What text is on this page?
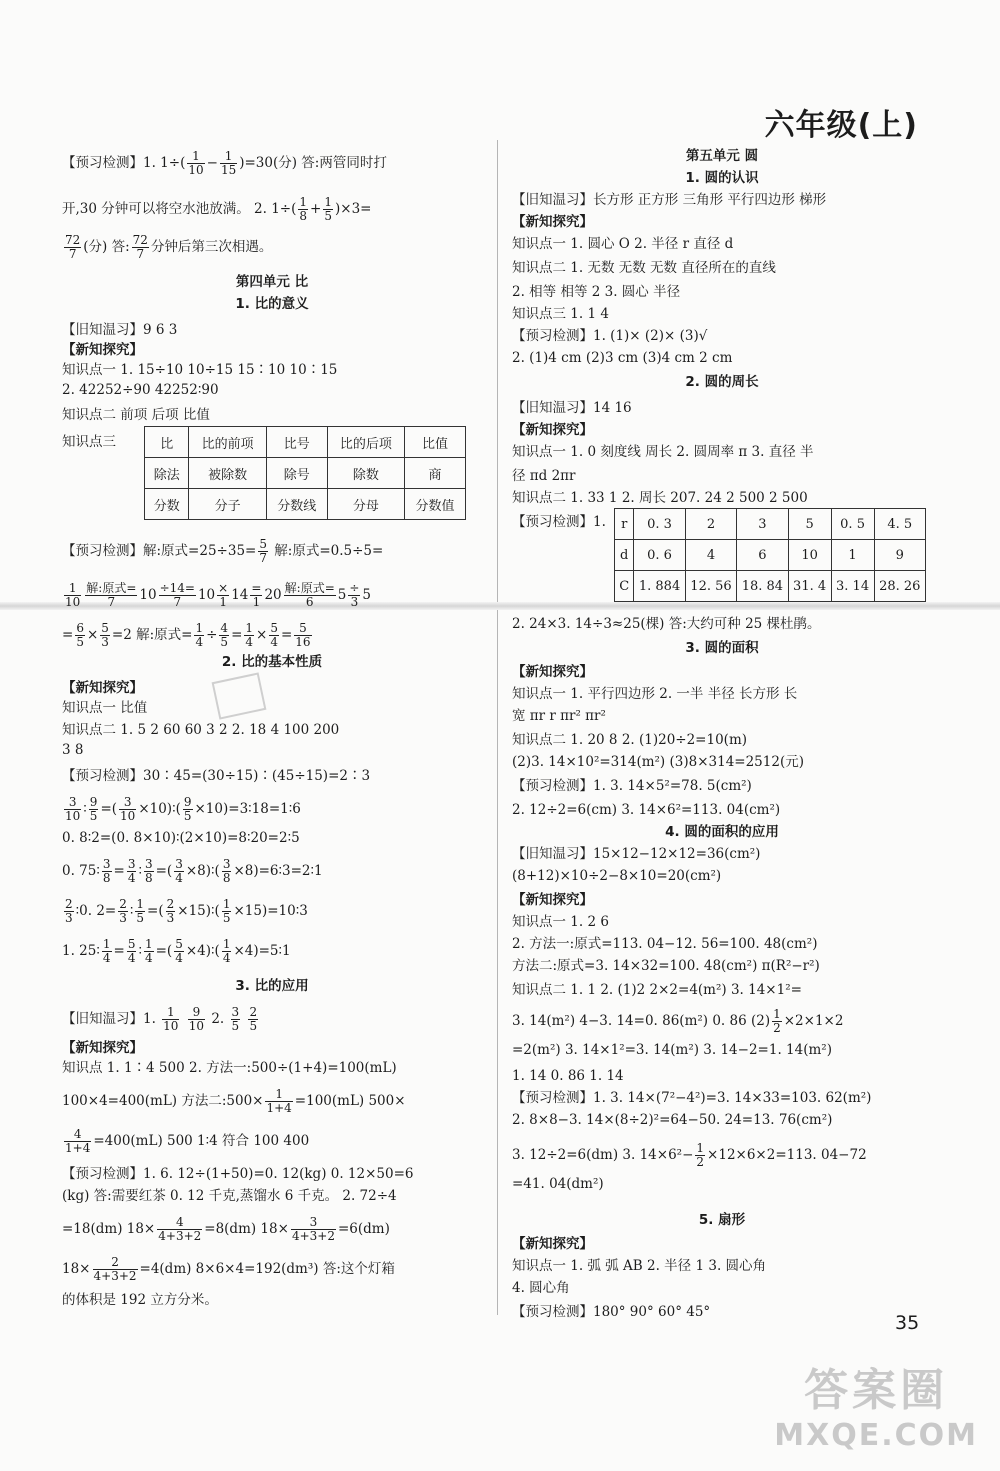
六年级(上)
【预习检测】1. $1\div( \frac{1}{10} - \frac{1}{15} )=30$(分) 答:两管同时打
开,30 分钟可以将空水池放满。 2. $1\div( \frac{1}{8} + \frac{1}{5} )\times 3=$
$\frac{72}{7}$ (分) 答: $\frac{72}{7}$ 分钟后第三次相遇。
第四单元 比
1. 比的意义
【旧知温习】9 6 3
【新知探究】
知识点一 1. 15÷10 10÷15 15∶10 10∶15
2. 42252÷90 42252∶90
知识点二 前项 后项 比值
知识点三	比	比的前项	比号	比的后项	比值
除法	被除数	除号	除数	商
分数	分子	分数线	分母	分数值
【预习检测】解:原式$=25\div 35= \frac{5}{7}$ 解:原式=0.5÷5=
$\frac{1}{10} \frac{\text{解:原式=}}{7} 10 \frac{\div 14=}{7} 10 \frac{\times}{1} 14 \frac{=}{1} 20 \frac{\text{解:原式=}}{6} 5 \frac{\div}{3} 5$
= $\frac{6}{5} \times \frac{5}{3} =2$ 解:原式= $\frac{1}{4} \div \frac{4}{5} = \frac{1}{4} \times \frac{5}{4} = \frac{5}{16}$
2. 比的基本性质
【新知探究】
知识点一 比值
知识点二 1. 5 2 60 60 3 2 2. 18 4 100 200
3 8
【预习检测】30∶45=(30÷15)∶(45÷15)=2∶3
$\frac{3}{10}$ ∶ $\frac{9}{5}$ =( $\frac{3}{10}$ ×10)∶( $\frac{9}{5}$ ×10)=3∶18=1∶6
0. 8∶2=(0. 8×10)∶(2×10)=8∶20=2∶5
0. 75∶ $\frac{3}{8} = \frac{3}{4}$ ∶ $\frac{3}{8}$ =( $\frac{3}{4}$ ×8)∶( $\frac{3}{8}$ ×8)=6∶3=2∶1
$\frac{2}{3}$ ∶0. $2= \frac{2}{3}$ ∶ $\frac{1}{5}$ =( $\frac{2}{3}$ ×15)∶( $\frac{1}{5}$ ×15)=10∶3
1. 25∶ $\frac{1}{4} = \frac{5}{4}$ ∶ $\frac{1}{4}$ =( $\frac{5}{4}$ ×4)∶( $\frac{1}{4}$ ×4)=5∶1
3. 比的应用
【旧知温习】1. $\frac{1}{10}$
$\frac{9}{10} 2$. $\frac{3}{5}$
$\frac{2}{5}$
【新知探究】
知识点 1. 1∶4 500 2. 方法一:500÷(1+4)=100(mL)
100×4=400(mL) 方法二:500× $\frac{1}{1+4} =100(mL)$ 500×
$\frac{4}{1+4} =400(mL)$ 500 1∶4 符合 100 400
【预习检测】1. 6. 12÷(1+50)=0. 12(kg) 0. 12×50=6
(kg) 答:需要红茶 0. 12 千克,蒸馏水 6 千克。 2. 72÷4
=18(dm) $18\times \frac{4}{4+3+2} =8(dm)$ $18\times \frac{3}{4+3+2} =6(dm)$
$18\times \frac{2}{4+3+2} =4(dm)$ 8×6×4=192(dm³) 答:这个灯箱
的体积是 192 立方分米。
第五单元 圆
1. 圆的认识
【旧知温习】长方形 正方形 三角形 平行四边形 梯形
【新知探究】
知识点一 1. 圆心 O 2. 半径 r 直径 d
知识点二 1. 无数 无数 无数 直径所在的直线
2. 相等 相等 2 3. 圆心 半径
知识点三 1. 1 4
【预习检测】1. (1)× (2)× (3)√
2. (1)4 cm (2)3 cm (3)4 cm 2 cm
2. 圆的周长
【旧知温习】14 16
【新知探究】
知识点一 1. 0 刻度线 周长 2. 圆周率 π 3. 直径 半
径 πd 2πr
知识点二 1. 33 1 2. 周长 207. 24 2 500 2 500
【预习检测】1.	r	0. 3	2	3	5	0. 5	4. 5
d	0. 6	4	6	10	1	9
C	1. 884	12. 56	18. 84	31. 4	3. 14	28. 26
2. 24×3. 14÷3≈25(棵) 答:大约可种 25 棵杜鹃。
3. 圆的面积
【新知探究】
知识点一 1. 平行四边形 2. 一半 半径 长方形 长
宽 πr r πr² πr²
知识点二 1. 20 8 2. (1)20÷2=10(m)
(2)3. 14×10²=314(m²) (3)8×314=2512(元)
【预习检测】1. 3. 14×5²=78. 5(cm²)
2. 12÷2=6(cm) 3. 14×6²=113. 04(cm²)
4. 圆的面积的应用
【旧知温习】15×12−12×12=36(cm²)
(8+12)×10÷2−8×10=20(cm²)
【新知探究】
知识点一 1. 2 6
2. 方法一:原式=113. 04−12. 56=100. 48(cm²)
方法二:原式=3. 14×32=100. 48(cm²) π(R²−r²)
知识点二 1. 1 2. (1)2 2×2=4(m²) 3. 14×1²=
3. 14(m²) 4−3. 14=0. 86(m²) 0. 86 $(2) \frac{1}{2} \times 2\times 1\times 2$
=2(m²) 3. 14×1²=3. 14(m²) 3. 14−2=1. 14(m²)
1. 14 0. 86 1. 14
【预习检测】1. 3. 14×(7²−4²)=3. 14×33=103. 62(m²)
2. 8×8−3. 14×(8÷2)²=64−50. 24=13. 76(cm²)
3. 12÷2=6(dm) 3. $14\times 6^2- \frac{1}{2} \times 12\times 6\times 2=113$. 04−72
=41. 04(dm²)
5. 扇形
【新知探究】
知识点一 1. 弧 弧 AB 2. 半径 1 3. 圆心角
4. 圆心角
【预习检测】180° 90° 60° 45°	35
答案圈
MXQE.COM
